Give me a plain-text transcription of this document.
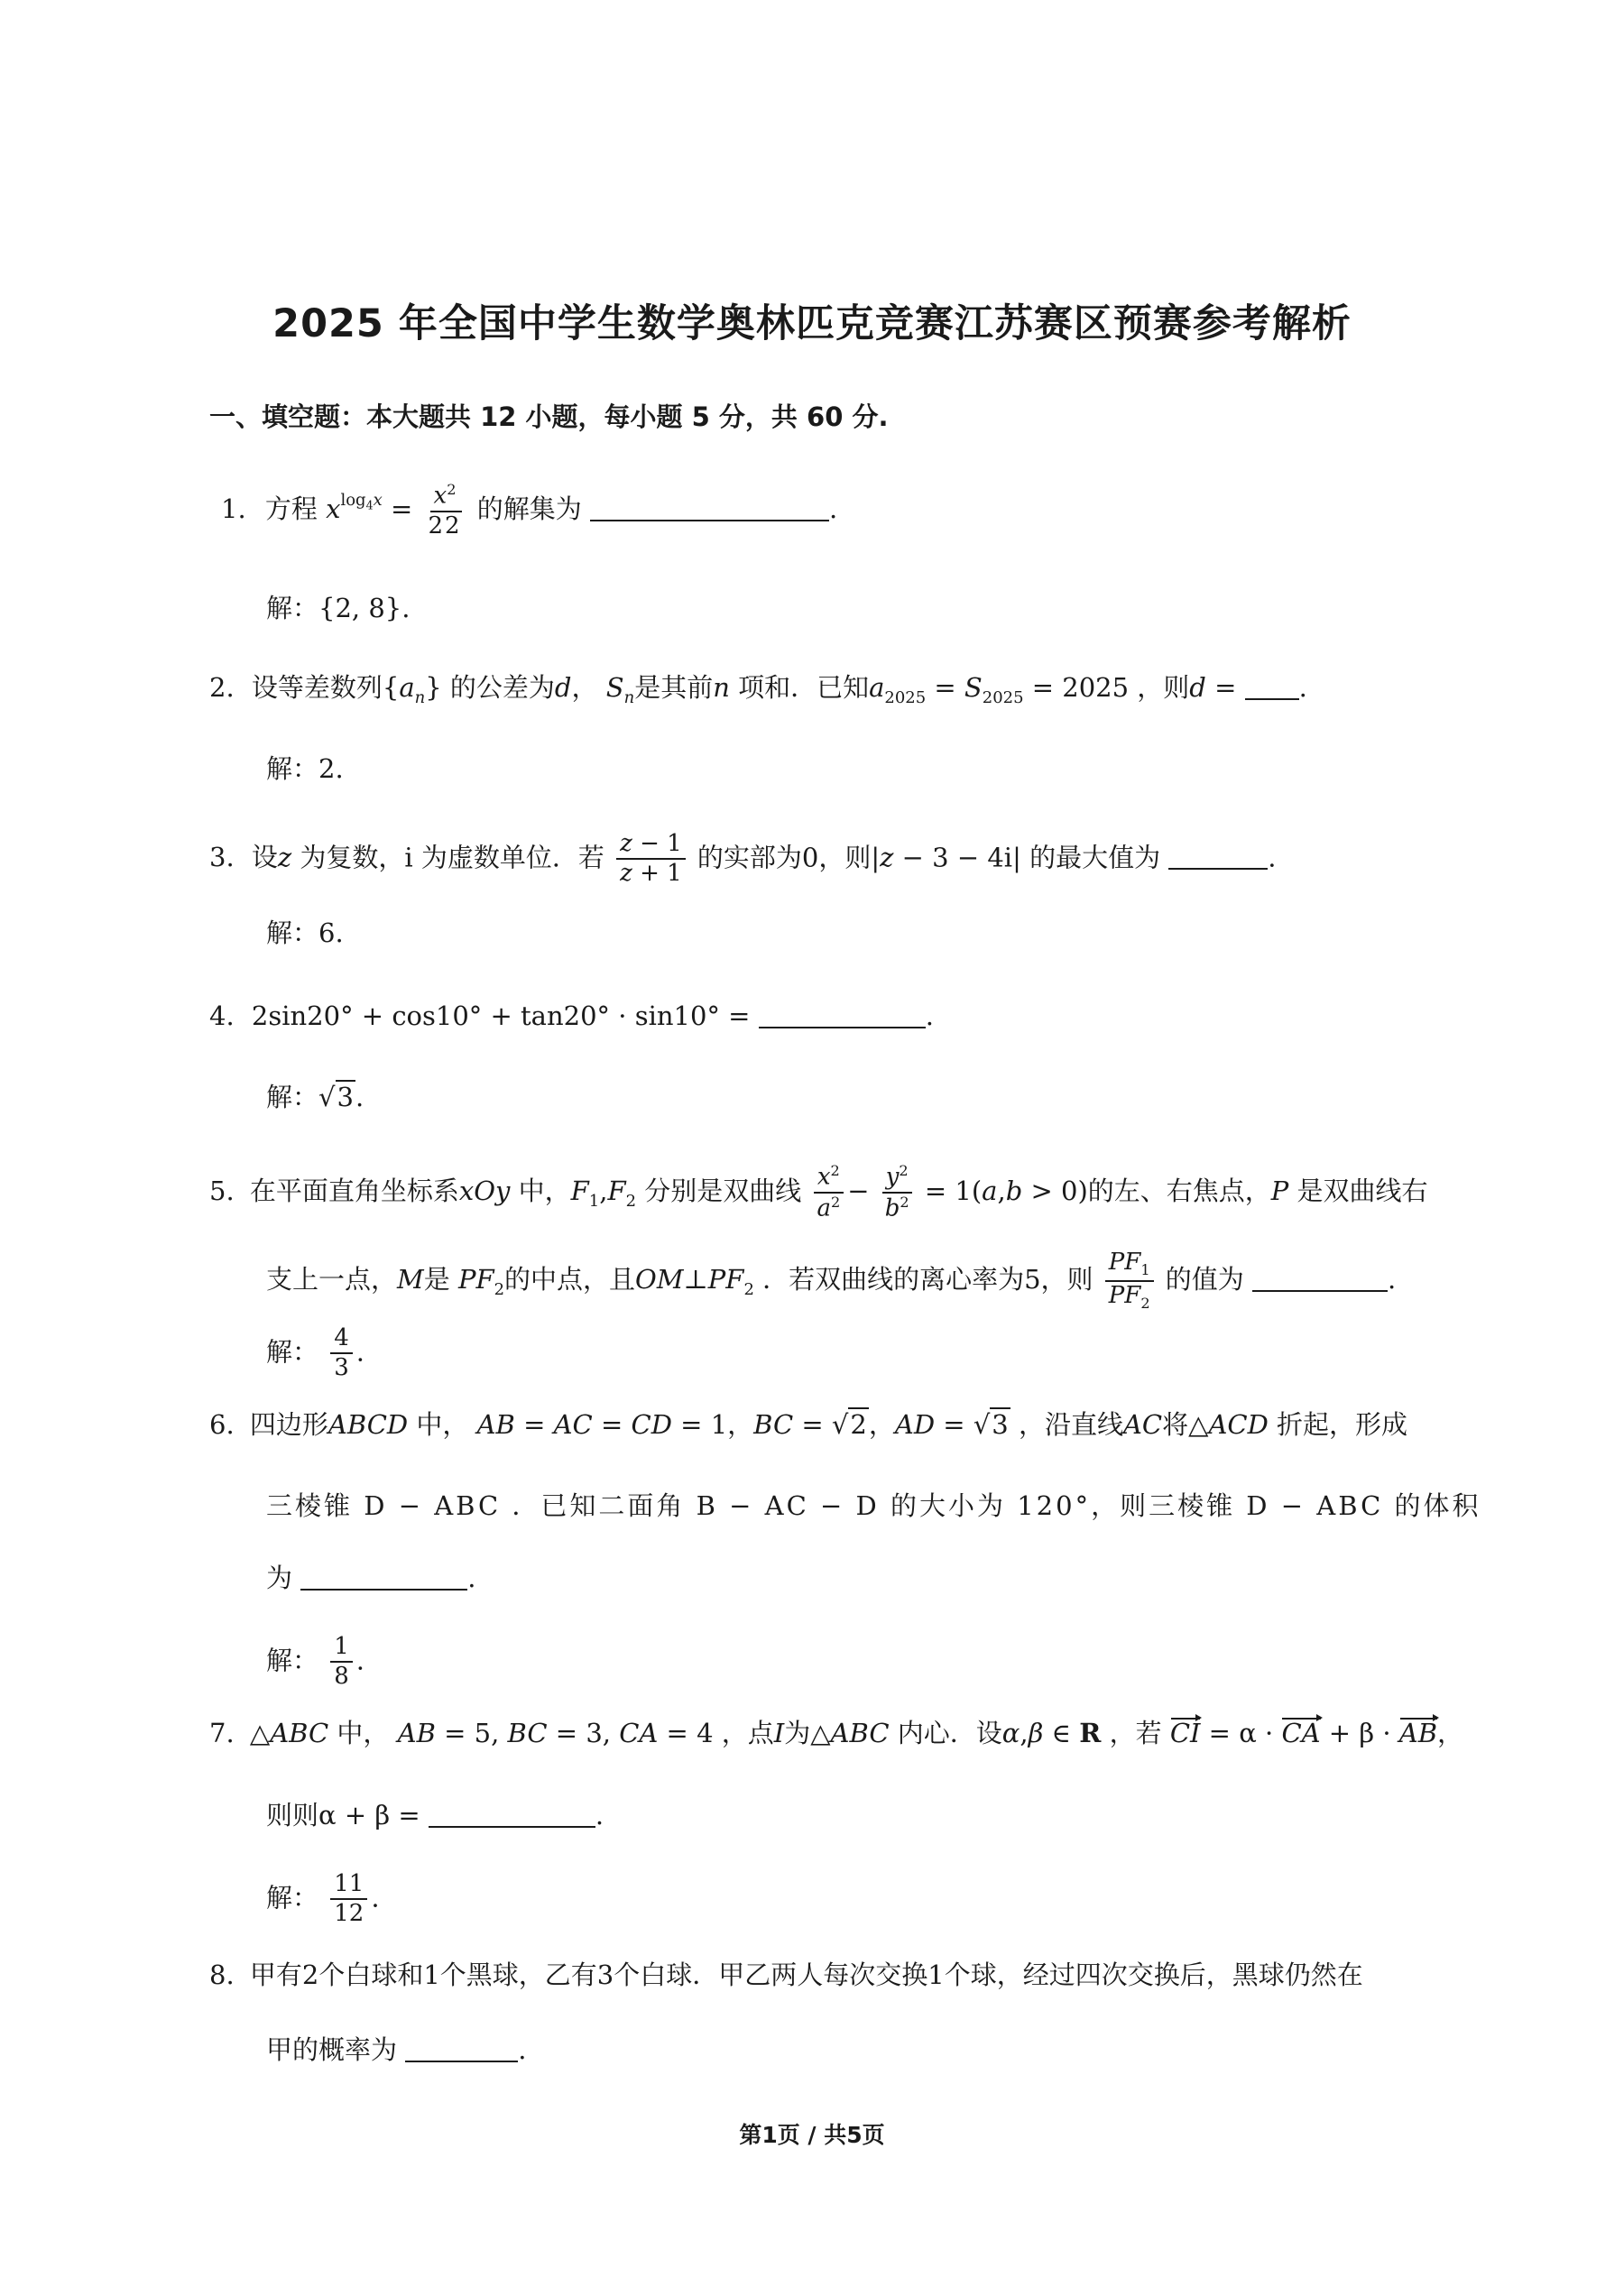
2025 年全国中学生数学奥林匹克竞赛江苏赛区预赛参考解析
一、填空题：本大题共 12 小题，每小题 5 分，共 60 分.
1. 方程 $x^{log_4x} = \frac{x^2}{22}$ 的解集为	.
解：{2, 8}.
2. 设等差数列$\{a_n\}$ 的公差为d， $S_n$是其前n 项和．已知$a_{2025} = S_{2025} = 2025$ ，则d = .
解：2.
3. 设z 为复数，i 为虚数单位．若 $\frac{z - 1}{z + 1}$ 的实部为0，则|z − 3 − 4i| 的最大值为	.
解：6.
4. 2sin20° + cos10° + tan20° · sin10° =	.
解：√3.
5. 在平面直角坐标系xOy 中，$F_1,F_2$ 分别是双曲线 $\frac{x^2}{a^2} - \frac{y^2}{b^2} = 1(a,b > 0)$的左、右焦点，P 是双曲线右
支上一点，M是 $PF_2$的中点，且$OM\perp PF_2$ ．若双曲线的离心率为5，则 $\frac{PF_1}{PF_2}$ 的值为	.
解： $\frac{4}{3}$ .
6. 四边形ABCD 中， AB = AC = CD = 1，BC = √2，AD = √3 ，沿直线AC将△ACD 折起，形成
三棱锥 D − ABC ．已知二面角 B − AC − D 的大小为 120°，则三棱锥 D − ABC 的体积
为	.
解： $\frac{1}{8}$ .
7. △ABC 中， AB = 5, BC = 3, CA = 4 ，点I为△ABC 内心．设α,β ∈ R ，若 CI = α · CA + β · AB，
则则α + β =	.
解： $\frac{11}{12}$ .
8. 甲有2个白球和1个黑球，乙有3个白球．甲乙两人每次交换1个球，经过四次交换后，黑球仍然在
甲的概率为	.
第1页 / 共5页
